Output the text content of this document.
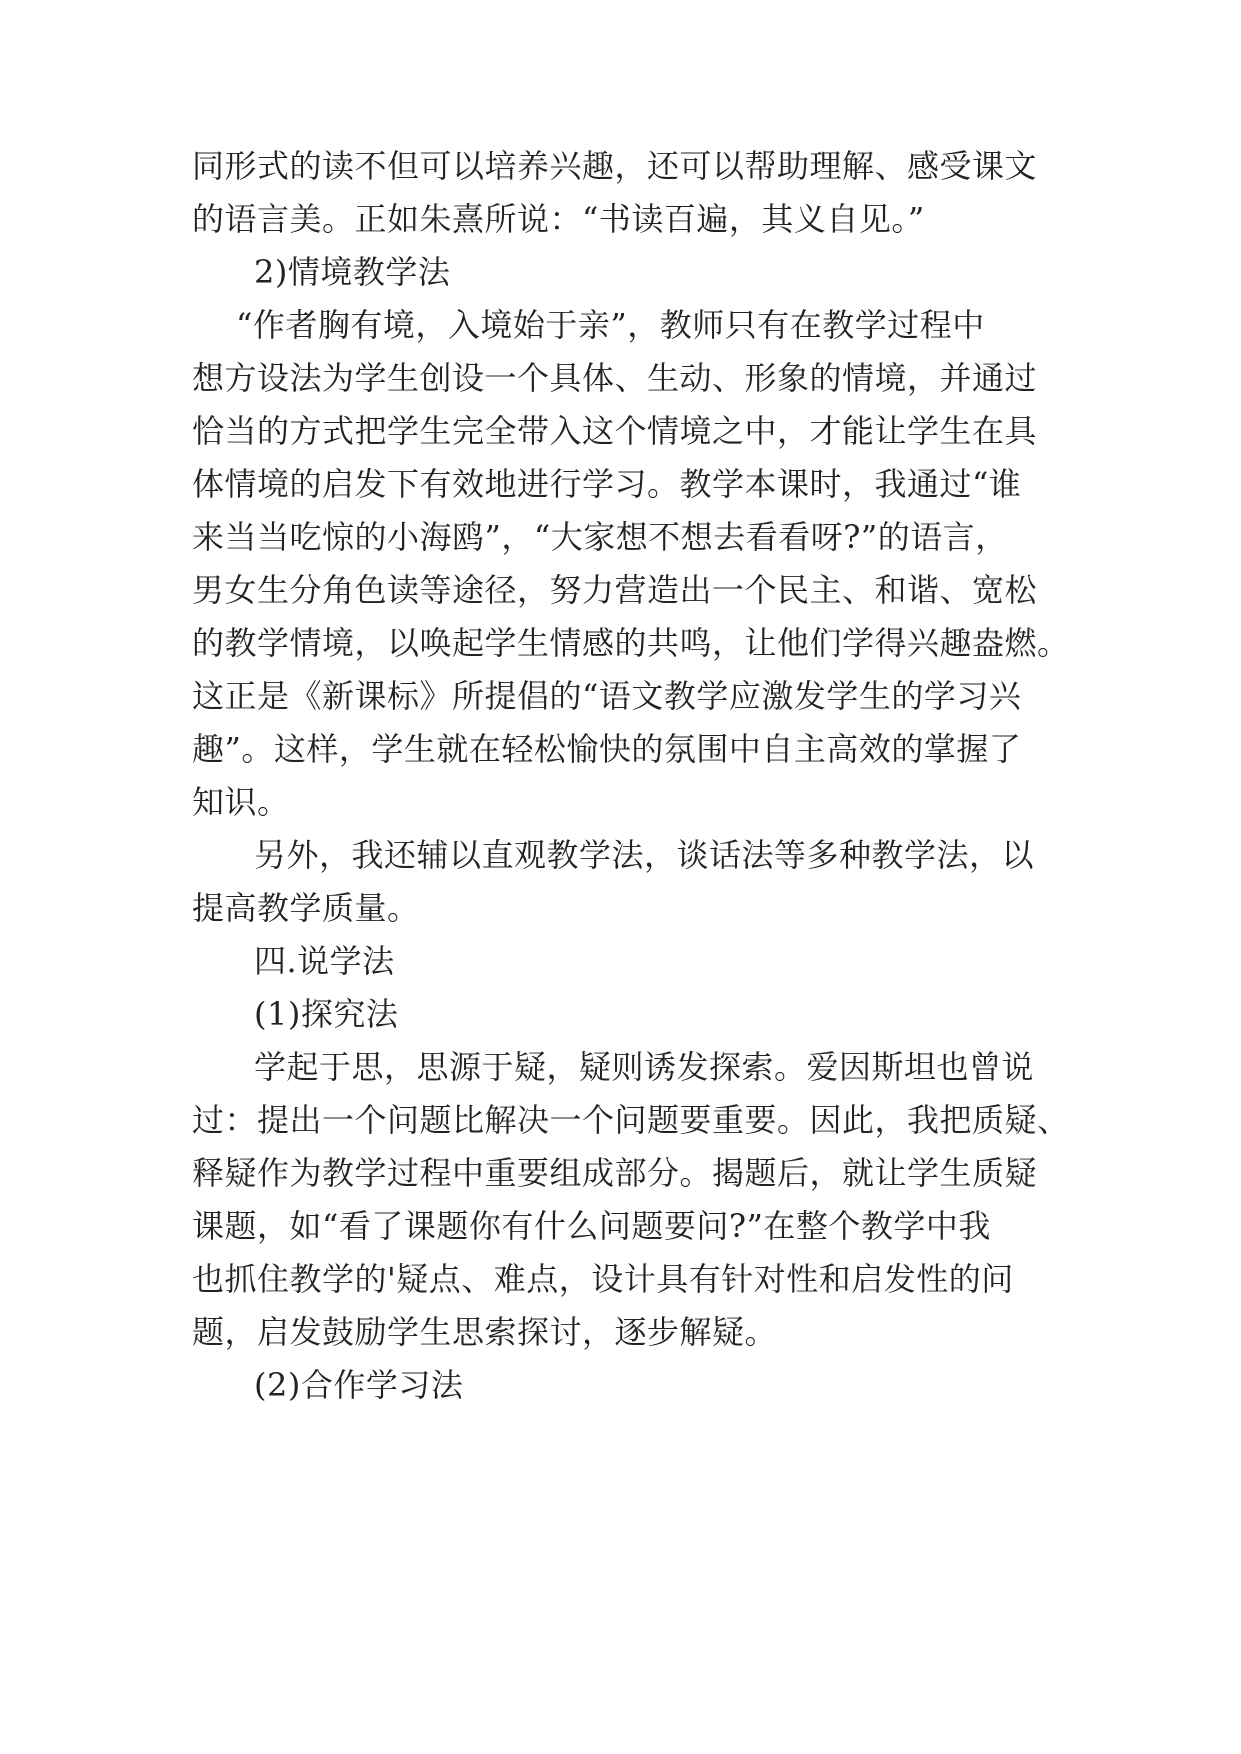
同形式的读不但可以培养兴趣，还可以帮助理解、感受课文
的语言美。正如朱熹所说：“书读百遍，其义自见。”
2)情境教学法
“作者胸有境，入境始于亲”，教师只有在教学过程中
想方设法为学生创设一个具体、生动、形象的情境，并通过
恰当的方式把学生完全带入这个情境之中，才能让学生在具
体情境的启发下有效地进行学习。教学本课时，我通过“谁
来当当吃惊的小海鸥”，“大家想不想去看看呀?”的语言，
男女生分角色读等途径，努力营造出一个民主、和谐、宽松
的教学情境，以唤起学生情感的共鸣，让他们学得兴趣盎燃。
这正是《新课标》所提倡的“语文教学应激发学生的学习兴
趣”。这样，学生就在轻松愉快的氛围中自主高效的掌握了
知识。
另外，我还辅以直观教学法，谈话法等多种教学法，以
提高教学质量。
四.说学法
(1)探究法
学起于思，思源于疑，疑则诱发探索。爱因斯坦也曾说
过：提出一个问题比解决一个问题要重要。因此，我把质疑、
释疑作为教学过程中重要组成部分。揭题后，就让学生质疑
课题，如“看了课题你有什么问题要问?”在整个教学中我
也抓住教学的'疑点、难点，设计具有针对性和启发性的问
题，启发鼓励学生思索探讨，逐步解疑。
(2)合作学习法
